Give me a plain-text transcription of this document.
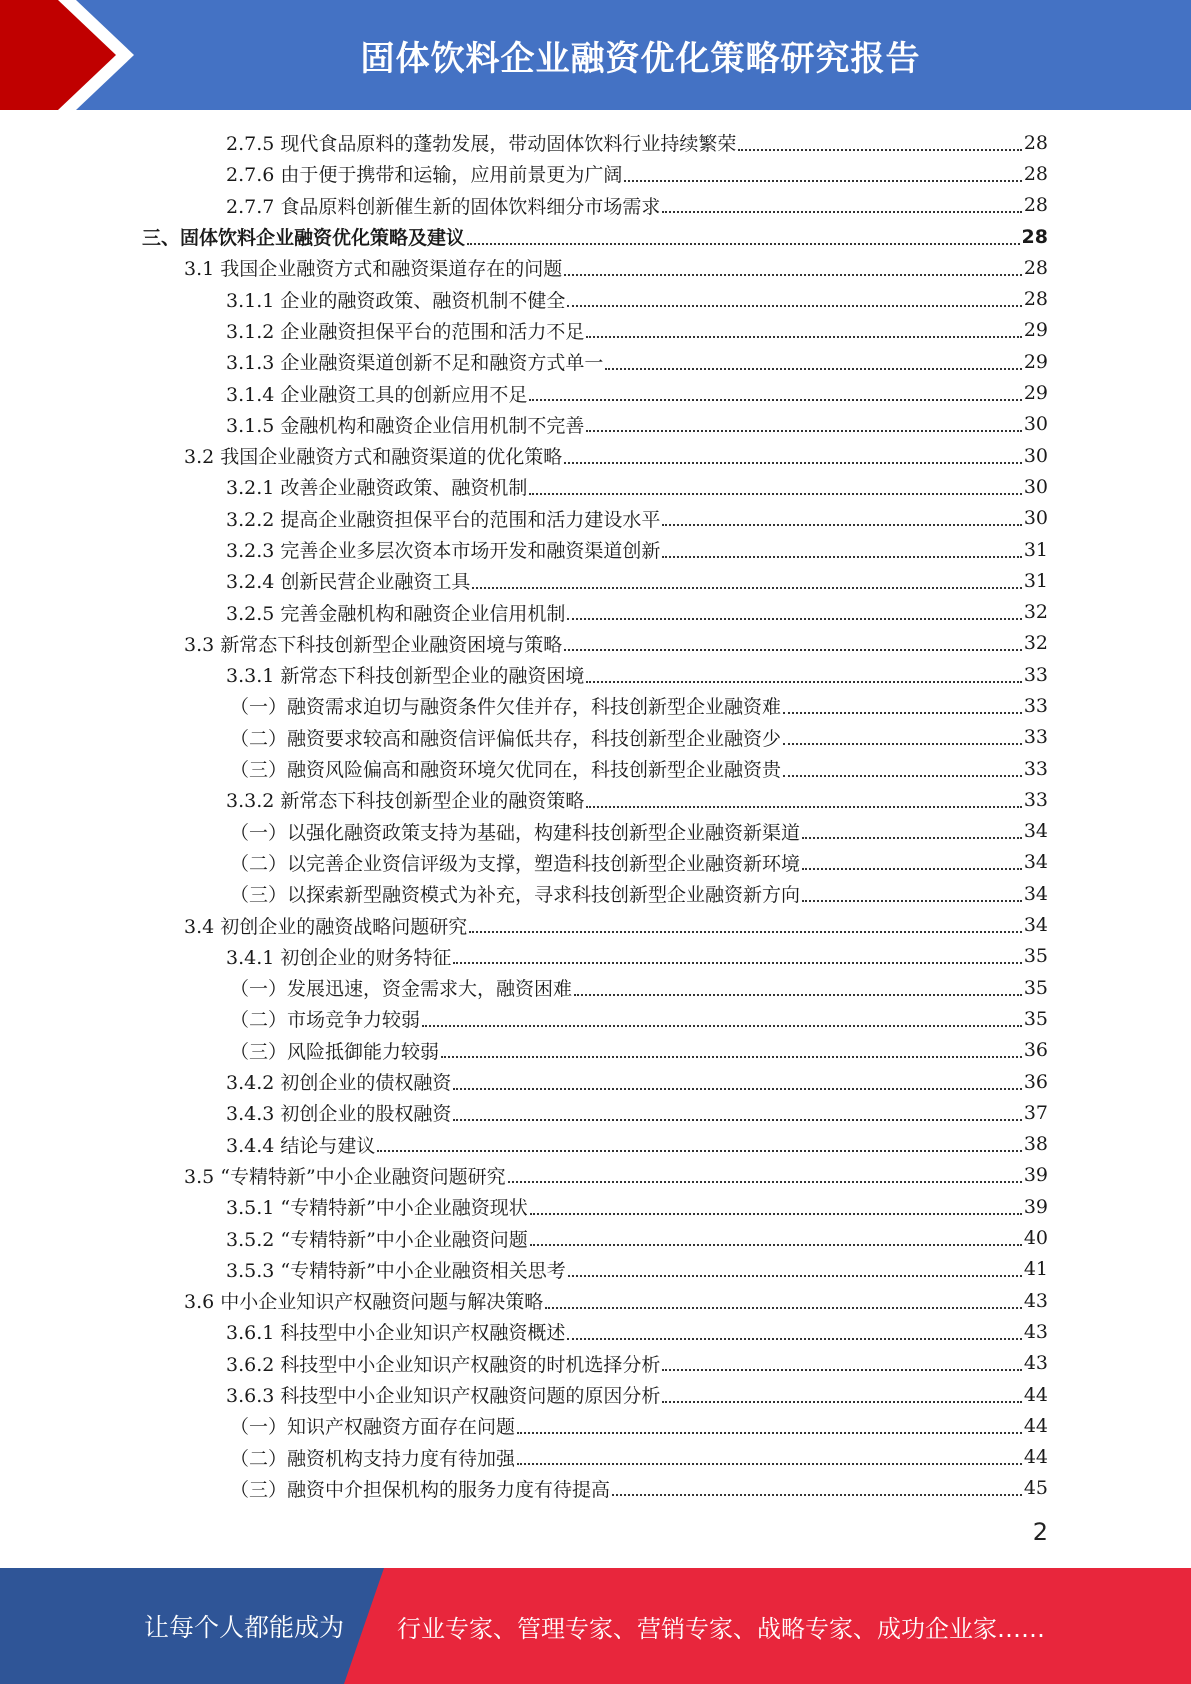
固体饮料企业融资优化策略研究报告
2.7.5 现代食品原料的蓬勃发展，带动固体饮料行业持续繁荣	28
2.7.6 由于便于携带和运输，应用前景更为广阔	28
2.7.7 食品原料创新催生新的固体饮料细分市场需求	28
三、固体饮料企业融资优化策略及建议	28
3.1 我国企业融资方式和融资渠道存在的问题	28
3.1.1 企业的融资政策、融资机制不健全	28
3.1.2 企业融资担保平台的范围和活力不足	29
3.1.3 企业融资渠道创新不足和融资方式单一	29
3.1.4 企业融资工具的创新应用不足	29
3.1.5 金融机构和融资企业信用机制不完善	30
3.2 我国企业融资方式和融资渠道的优化策略	30
3.2.1 改善企业融资政策、融资机制	30
3.2.2 提高企业融资担保平台的范围和活力建设水平	30
3.2.3 完善企业多层次资本市场开发和融资渠道创新	31
3.2.4 创新民营企业融资工具	31
3.2.5 完善金融机构和融资企业信用机制	32
3.3 新常态下科技创新型企业融资困境与策略	32
3.3.1 新常态下科技创新型企业的融资困境	33
（一）融资需求迫切与融资条件欠佳并存，科技创新型企业融资难	33
（二）融资要求较高和融资信评偏低共存，科技创新型企业融资少	33
（三）融资风险偏高和融资环境欠优同在，科技创新型企业融资贵	33
3.3.2 新常态下科技创新型企业的融资策略	33
（一）以强化融资政策支持为基础，构建科技创新型企业融资新渠道	34
（二）以完善企业资信评级为支撑，塑造科技创新型企业融资新环境	34
（三）以探索新型融资模式为补充，寻求科技创新型企业融资新方向	34
3.4 初创企业的融资战略问题研究	34
3.4.1 初创企业的财务特征	35
（一）发展迅速，资金需求大，融资困难	35
（二）市场竞争力较弱	35
（三）风险抵御能力较弱	36
3.4.2 初创企业的债权融资	36
3.4.3 初创企业的股权融资	37
3.4.4 结论与建议	38
3.5 “专精特新”中小企业融资问题研究	39
3.5.1 “专精特新”中小企业融资现状	39
3.5.2 “专精特新”中小企业融资问题	40
3.5.3 “专精特新”中小企业融资相关思考	41
3.6 中小企业知识产权融资问题与解决策略	43
3.6.1 科技型中小企业知识产权融资概述	43
3.6.2 科技型中小企业知识产权融资的时机选择分析	43
3.6.3 科技型中小企业知识产权融资问题的原因分析	44
（一）知识产权融资方面存在问题	44
（二）融资机构支持力度有待加强	44
（三）融资中介担保机构的服务力度有待提高	45
2
让每个人都能成为 行业专家、管理专家、营销专家、战略专家、成功企业家……
